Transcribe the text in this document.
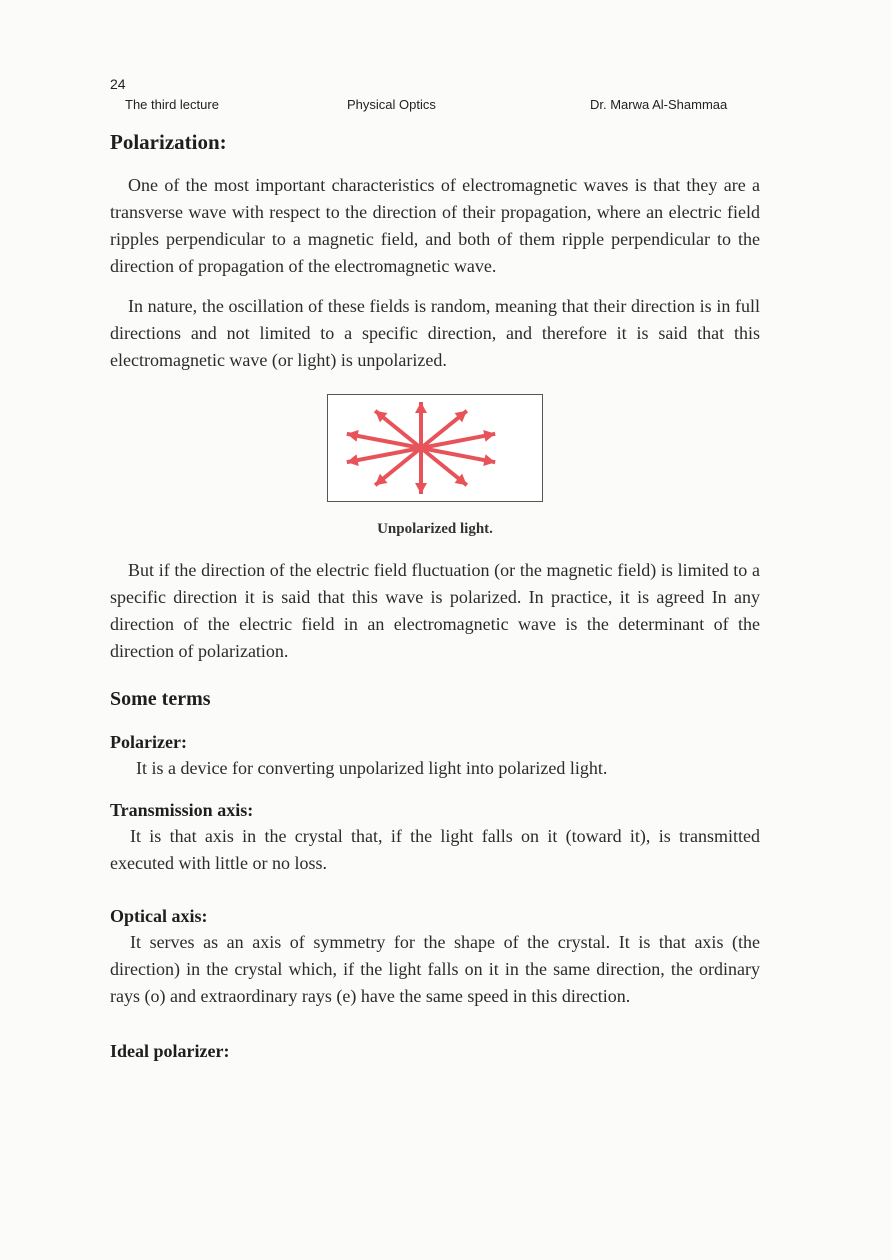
24
The third lecture	Physical Optics	Dr. Marwa Al-Shammaa
Polarization:

One of the most important characteristics of electromagnetic waves is that they are a transverse wave with respect to the direction of their propagation, where an electric field ripples perpendicular to a magnetic field, and both of them ripple perpendicular to the direction of propagation of the electromagnetic wave.

In nature, the oscillation of these fields is random, meaning that their direction is in full directions and not limited to a specific direction, and therefore it is said that this electromagnetic wave (or light) is unpolarized.

Unpolarized light.

But if the direction of the electric field fluctuation (or the magnetic field) is limited to a specific direction it is said that this wave is polarized. In practice, it is agreed In any direction of the electric field in an electromagnetic wave is the determinant of the direction of polarization.

Some terms
Polarizer:

It is a device for converting unpolarized light into polarized light.

Transmission axis:

It is that axis in the crystal that, if the light falls on it (toward it), is transmitted executed with little or no loss.

Optical axis:

It serves as an axis of symmetry for the shape of the crystal. It is that axis (the direction) in the crystal which, if the light falls on it in the same direction, the ordinary rays (o) and extraordinary rays (e) have the same speed in this direction.

Ideal polarizer:
